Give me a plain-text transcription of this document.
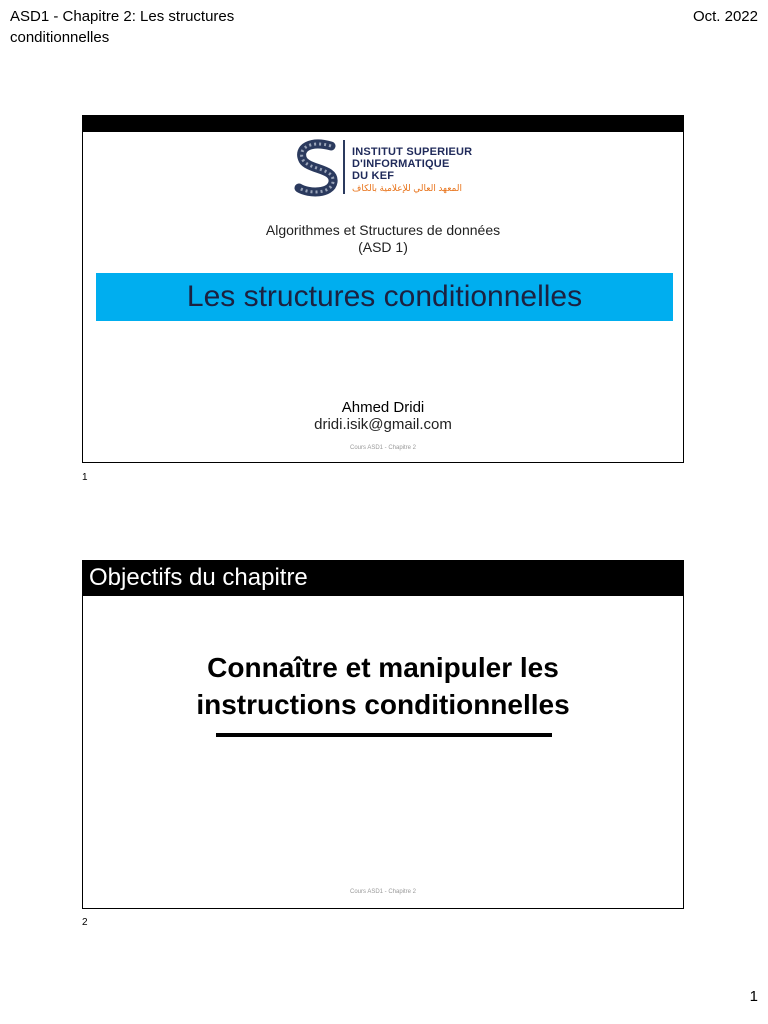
ASD1 - Chapitre 2: Les structures conditionnelles
Oct. 2022
INSTITUT SUPERIEUR
D'INFORMATIQUE
DU KEF
المعهد العالي للإعلامية بالكاف
Algorithmes et Structures de données
(ASD 1)
Les structures conditionnelles
Ahmed Dridi
dridi.isik@gmail.com
Cours ASD1 - Chapitre 2
1
Objectifs du chapitre
Connaître et manipuler les
instructions conditionnelles
Cours ASD1 - Chapitre 2
2
1
